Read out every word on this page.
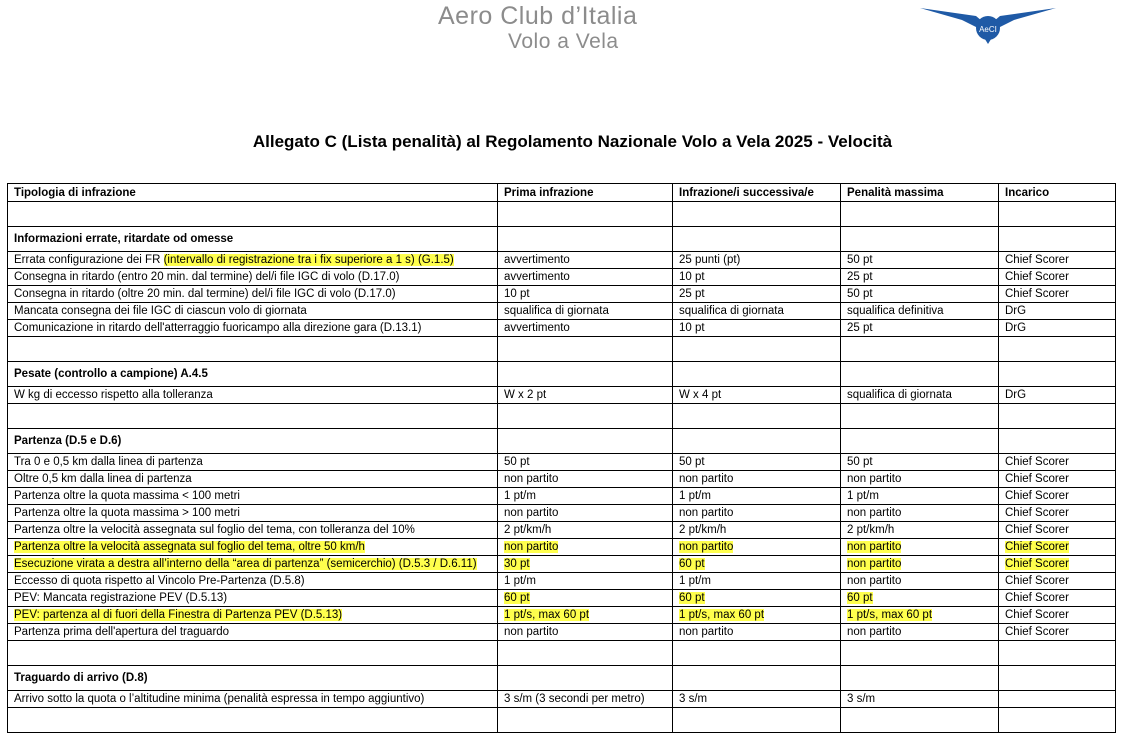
Aero Club d’Italia
Volo a Vela
AeCI
Allegato C (Lista penalità) al Regolamento Nazionale Volo a Vela 2025 - Velocità
Tipologia di infrazione	Prima infrazione	Infrazione/i successiva/e	Penalità massima	Incarico

Informazioni errate, ritardate od omesse				
Errata configurazione dei FR (intervallo di registrazione tra i fix superiore a 1 s) (G.1.5)	avvertimento	25 punti (pt)	50 pt	Chief Scorer
Consegna in ritardo (entro 20 min. dal termine) del/i file IGC di volo (D.17.0)	avvertimento	10 pt	25 pt	Chief Scorer
Consegna in ritardo (oltre 20 min. dal termine) del/i file IGC di volo (D.17.0)	10 pt	25 pt	50 pt	Chief Scorer
Mancata consegna dei file IGC di ciascun volo di giornata	squalifica di giornata	squalifica di giornata	squalifica definitiva	DrG
Comunicazione in ritardo dell'atterraggio fuoricampo alla direzione gara (D.13.1)	avvertimento	10 pt	25 pt	DrG

Pesate (controllo a campione) A.4.5				
W kg di eccesso rispetto alla tolleranza	W x 2 pt	W x 4 pt	squalifica di giornata	DrG

Partenza (D.5 e D.6)				
Tra 0 e 0,5 km dalla linea di partenza	50 pt	50 pt	50 pt	Chief Scorer
Oltre 0,5 km dalla linea di partenza	non partito	non partito	non partito	Chief Scorer
Partenza oltre la quota massima < 100 metri	1 pt/m	1 pt/m	1 pt/m	Chief Scorer
Partenza oltre la quota massima > 100 metri	non partito	non partito	non partito	Chief Scorer
Partenza oltre la velocità assegnata sul foglio del tema, con tolleranza del 10%	2 pt/km/h	2 pt/km/h	2 pt/km/h	Chief Scorer
Partenza oltre la velocità assegnata sul foglio del tema, oltre 50 km/h	non partito	non partito	non partito	Chief Scorer
Esecuzione virata a destra all’interno della “area di partenza” (semicerchio) (D.5.3 / D.6.11)	30 pt	60 pt	non partito	Chief Scorer
Eccesso di quota rispetto al Vincolo Pre-Partenza (D.5.8)	1 pt/m	1 pt/m	non partito	Chief Scorer
PEV: Mancata registrazione PEV (D.5.13)	60 pt	60 pt	60 pt	Chief Scorer
PEV: partenza al di fuori della Finestra di Partenza PEV (D.5.13)	1 pt/s, max 60 pt	1 pt/s, max 60 pt	1 pt/s, max 60 pt	Chief Scorer
Partenza prima dell'apertura del traguardo	non partito	non partito	non partito	Chief Scorer

Traguardo di arrivo (D.8)				
Arrivo sotto la quota o l’altitudine minima (penalità espressa in tempo aggiuntivo)	3 s/m (3 secondi per metro)	3 s/m	3 s/m	
